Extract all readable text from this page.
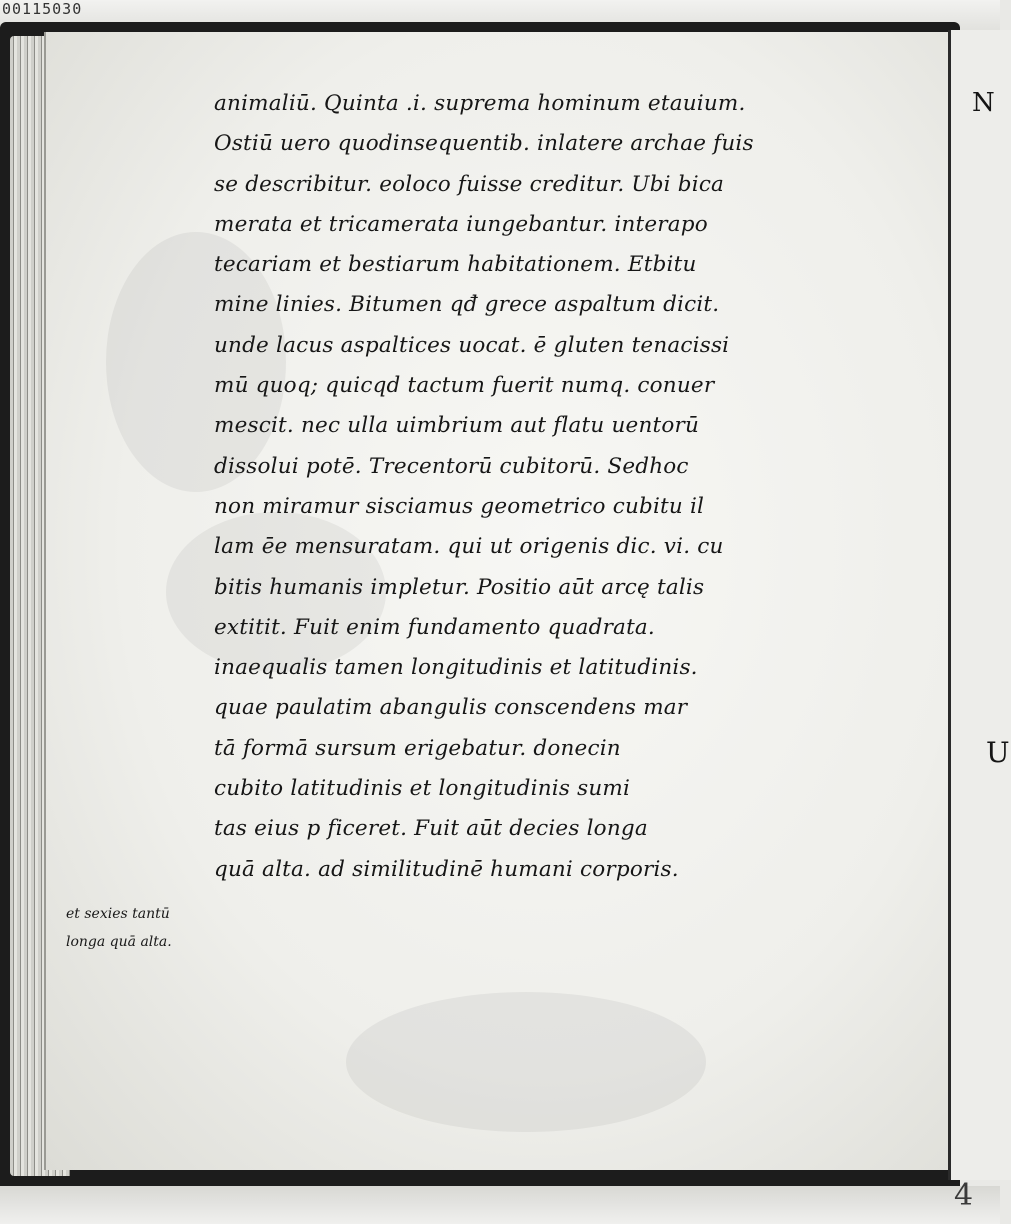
00115030
N
U
animaliū. Quinta .i. suprema hominum etauium.
Ostiū uero quodinsequentib. inlatere archae fuis
se describitur. eoloco fuisse creditur. Ubi bica
merata et tricamerata iungebantur. interapo
tecariam et bestiarum habitationem. Etbitu
mine linies. Bitumen qđ grece aspaltum dicit.
unde lacus aspaltices uocat. ē gluten tenacissi
mū quoq; quicqd tactum fuerit numq. conuer
mescit. nec ulla uimbrium aut flatu uentorū
dissolui potē. Trecentorū cubitorū. Sedhoc
non miramur sisciamus geometrico cubitu il
lam ēe mensuratam. qui ut origenis dic. vi. cu
bitis humanis impletur. Positio aūt arcę talis
extitit. Fuit enim fundamento quadrata.
inaequalis tamen longitudinis et latitudinis.
quae paulatim abangulis conscendens mar
tā formā sursum erigebatur. donecin
cubito latitudinis et longitudinis sumi
tas eius p ficeret. Fuit aūt decies longa
quā alta. ad similitudinē humani corporis.
et sexies tantū
longa quā alta.
4
